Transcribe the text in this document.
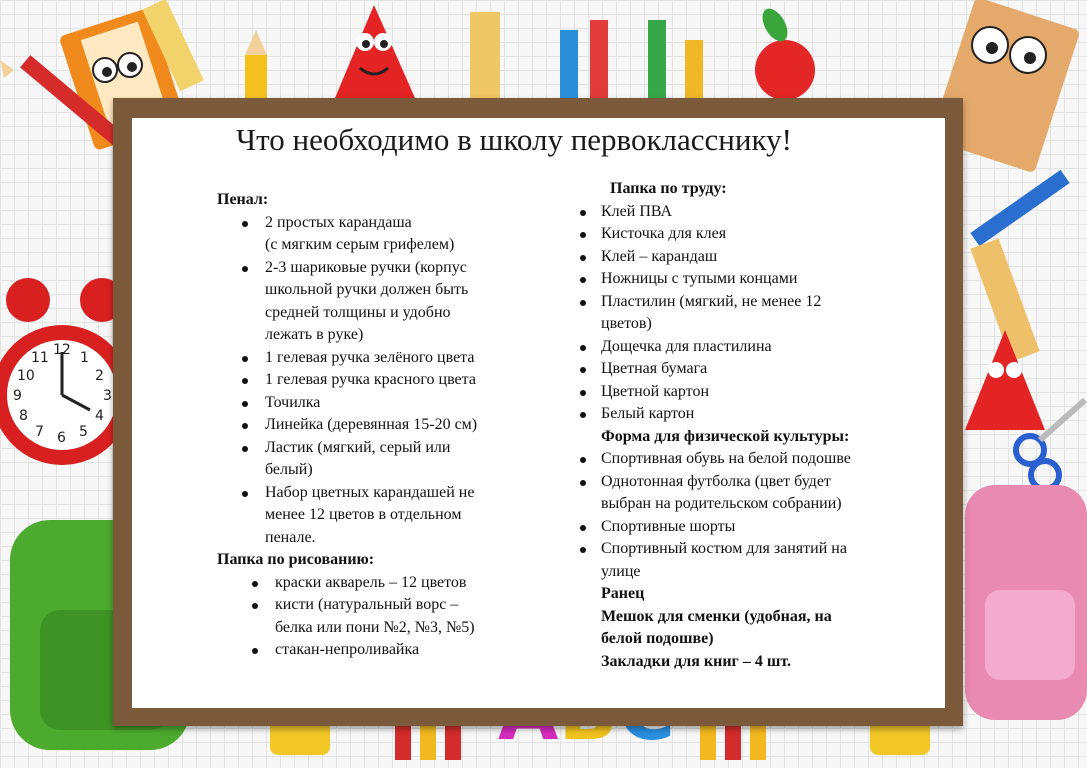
12 1
2
3
4
5
6
7
8
9
10
11
Что необходимо в школу первокласснику!
Пенал:
2 простых карандаша
(с мягким серым грифелем)
2-3 шариковые ручки (корпус
школьной ручки должен быть
средней толщины и удобно
лежать в руке)
1 гелевая ручка зелёного цвета
1 гелевая ручка красного цвета
Точилка
Линейка (деревянная 15-20 см)
Ластик (мягкий, серый или
белый)
Набор цветных карандашей не
менее 12 цветов в отдельном
пенале.
Папка по рисованию:
краски акварель – 12 цветов
кисти (натуральный ворс –
белка или пони №2, №3, №5)
стакан-непроливайка
Папка по труду:
Клей ПВА
Кисточка для клея
Клей – карандаш
Ножницы с тупыми концами
Пластилин (мягкий, не менее 12
цветов)
Дощечка для пластилина
Цветная бумага
Цветной картон
Белый картон
Форма для физической культуры:
Спортивная обувь на белой подошве
Однотонная футболка (цвет будет
выбран на родительском собрании)
Спортивные шорты
Спортивный костюм для занятий на
улице
Ранец
Мешок для сменки (удобная, на
белой подошве)
Закладки для книг – 4 шт.
